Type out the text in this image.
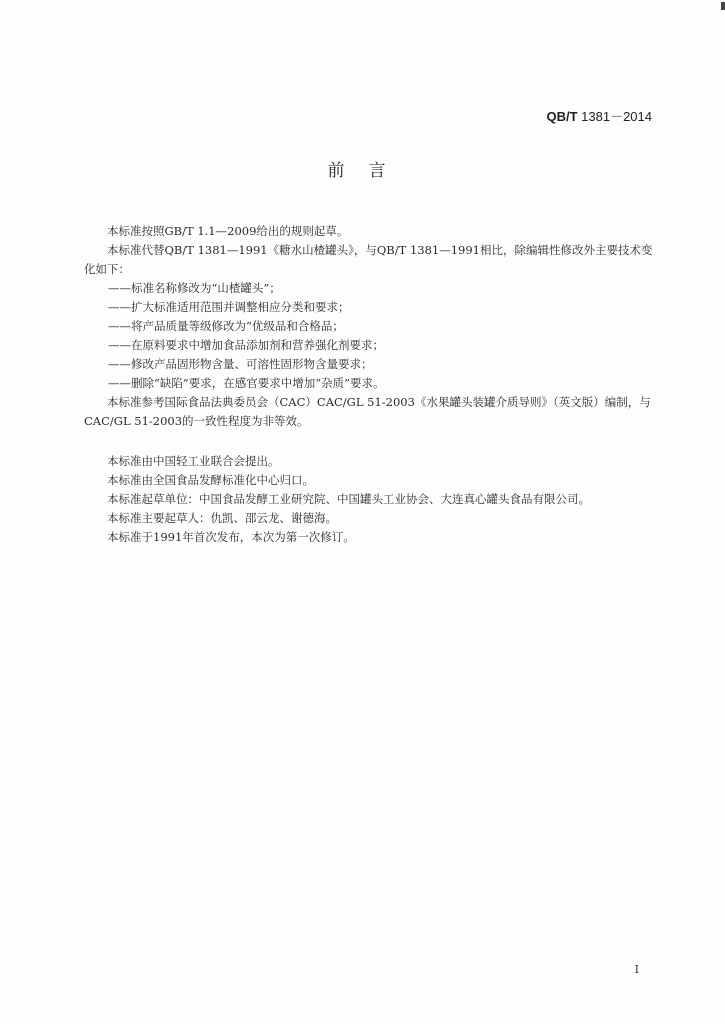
QB/T 1381－2014
前言

本标准按照GB/T 1.1—2009给出的规则起草。

本标准代替QB/T 1381—1991《糖水山楂罐头》，与QB/T 1381—1991相比，除编辑性修改外主要技术变化如下：

——标准名称修改为“山楂罐头”；

——扩大标准适用范围并调整相应分类和要求；

——将产品质量等级修改为“优级品和合格品；

——在原料要求中增加食品添加剂和营养强化剂要求；

——修改产品固形物含量、可溶性固形物含量要求；

——删除“缺陷”要求，在感官要求中增加“杂质”要求。

本标准参考国际食品法典委员会（CAC）CAC/GL 51-2003《水果罐头装罐介质导则》（英文版）编制，与CAC/GL 51-2003的一致性程度为非等效。

本标准由中国轻工业联合会提出。

本标准由全国食品发酵标准化中心归口。

本标准起草单位：中国食品发酵工业研究院、中国罐头工业协会、大连真心罐头食品有限公司。

本标准主要起草人：仇凯、邵云龙、谢德海。

本标准于1991年首次发布，本次为第一次修订。

I
